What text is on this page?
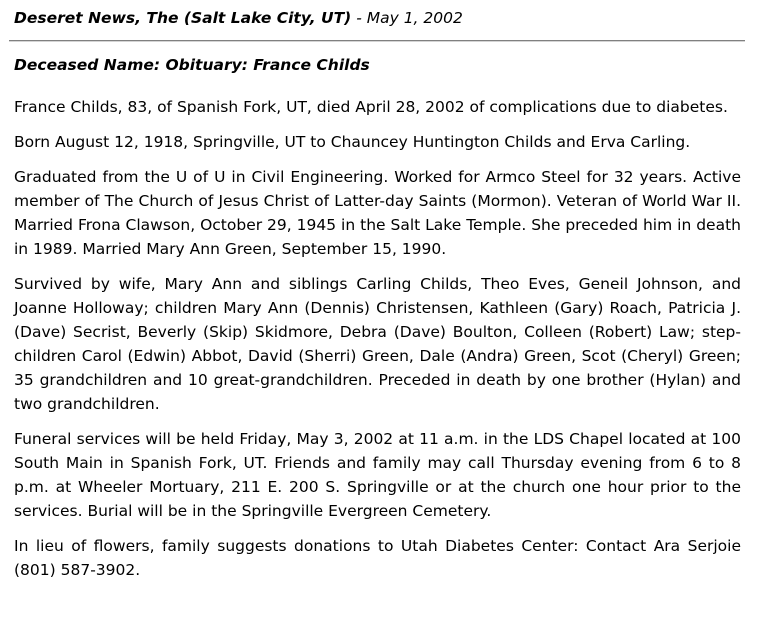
Deseret News, The (Salt Lake City, UT) - May 1, 2002
Deceased Name: Obituary: France Childs

France Childs, 83, of Spanish Fork, UT, died April 28, 2002 of complications due to diabetes.

Born August 12, 1918, Springville, UT to Chauncey Huntington Childs and Erva Carling.

Graduated from the U of U in Civil Engineering. Worked for Armco Steel for 32 years. Active member of The Church of Jesus Christ of Latter-day Saints (Mormon). Veteran of World War II. Married Frona Clawson, October 29, 1945 in the Salt Lake Temple. She preceded him in death in 1989. Married Mary Ann Green, September 15, 1990.

Survived by wife, Mary Ann and siblings Carling Childs, Theo Eves, Geneil Johnson, and Joanne Holloway; children Mary Ann (Dennis) Christensen, Kathleen (Gary) Roach, Patricia J. (Dave) Secrist, Beverly (Skip) Skidmore, Debra (Dave) Boulton, Colleen (Robert) Law; step-children Carol (Edwin) Abbot, David (Sherri) Green, Dale (Andra) Green, Scot (Cheryl) Green; 35 grandchildren and 10 great-grandchildren. Preceded in death by one brother (Hylan) and two grandchildren.

Funeral services will be held Friday, May 3, 2002 at 11 a.m. in the LDS Chapel located at 100 South Main in Spanish Fork, UT. Friends and family may call Thursday evening from 6 to 8 p.m. at Wheeler Mortuary, 211 E. 200 S. Springville or at the church one hour prior to the services. Burial will be in the Springville Evergreen Cemetery.

In lieu of flowers, family suggests donations to Utah Diabetes Center: Contact Ara Serjoie (801) 587-3902.
